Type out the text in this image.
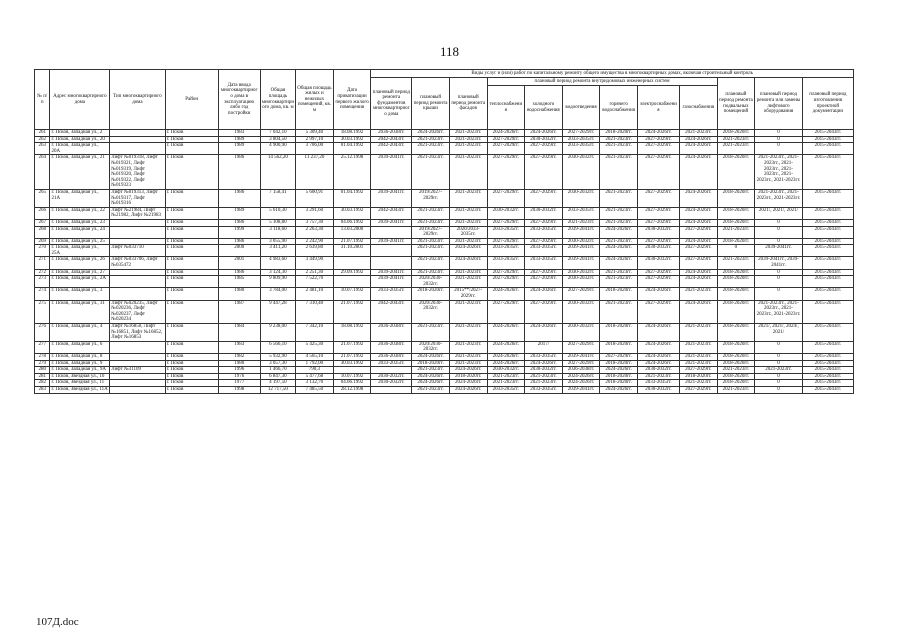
118
№ п/п	Адрес многоквартирного дома	Тип многоквартирного дома	Район	Дата ввода многоквартирного дома в эксплуатацию либо год постройки	Общая площадь многоквартирного дома, кв. м	Общая площадь жилых и нежилых помещений, кв. м	Дата приватизации первого жилого помещения	Виды услуг и (или) работ по капитальному ремонту общего имущества в многоквартирных домах, включая строительный контроль											
								плановый период ремонта фундаментов многоквартирного дома	плановый период ремонта крыши	плановый период ремонта фасадов	плановый период ремонта внутридомовых инженерных систем						плановый период ремонта подвальных помещений	плановый период ремонта или замены лифтового оборудования	плановый период изготовления проектной документации
											теплоснабжения	холодного водоснабжения	водоотведения	горячего водоснабжения	электроснабжения	газоснабжения			
261	г. Псков, Западная ул., 2		г. Псков	1983	7 042,10	5 309,40	18.08.1992	2036-2038гг.	2024-2026гг.	2021-2023гг.	2024-2026гг.	2024-2026гг.	2027-2029гг.	2018-2020гг.	2024-2026гг.	2021-2023гг.	2018-2020гг.	0	2015-2043гг.
262	г. Псков, Западная ул., 20		г. Псков	1989	3 804,50	2 997,10	30.03.1992	2042-2043гг.	2021-2023гг.	2021-2023гг.	2027-2029гг.	2030-2032гг.	2033-2035гг.	2021-2023гг.	2027-2029гг.	2024-2026гг.	2021-2023гг.	0	2015-2043гг.
263	г. Псков, Западная ул., 20А		г. Псков	1989	4 900,90	3 706,00	01.04.1992	2042-2043гг.	2021-2023гг.	2021-2023гг.	2027-2029гг.	2027-2029гг.	2033-2035гг.	2021-2023гг.	2027-2029гг.	2024-2026гг.	2021-2023гг.	0	2015-2043гг.
264	г. Псков, Западная ул., 21	Лифт №019318, Лифт №019321, Лифт №019319, Лифт №019320, Лифт №019322, Лифт №019323	г. Псков	1986	14 562,20	11 237,20	25.12.1998	2039-2041гг.	2021-2023гг.	2021-2023гг.	2027-2029гг.	2027-2029гг.	2030-2032гг.	2021-2023гг.	2027-2029гг.	2024-2026гг.	2018-2020гг.	2021-2023гг., 2021-2023гг., 2021-2023гг., 2021-2023гг., 2021-2023гг., 2021-2023гг.	2015-2043гг.
265	г. Псков, Западная ул., 21А	Лифт №019313, Лифт №019317, Лифт №019316	г. Псков	1986	7 158,41	5 600,91	01.04.1992	2039-2041гг.	2019/2027-2029гг.	2021-2023гг.	2027-2029гг.	2027-2029гг.	2030-2032гг.	2021-2023гг.	2027-2029гг.	2024-2026гг.	2018-2020гг.	2021-2023гг., 2021-2023гг., 2021-2023гг.	2015-2043гг.
266	г. Псков, Западная ул., 22	Лифт №21984, Лифт №21982, Лифт №21983	г. Псков	1989	5 610,30	3 291,60	30.03.1992	2042-2043гг.	2021-2023гг.	2021-2023гг.	2030-2032гг.	2030-2032гг.	2033-2035гг.	2021-2023гг.	2027-2029гг.	2024-2026гг.	2018-2020гг.	2021/, 2021/, 2021/	2015-2043гг.
267	г. Псков, Западная ул., 23		г. Псков	1986	5 108,80	3 757,30	04.06.1992	2039-2041гг.	2021-2023гг.	2021-2023гг.	2027-2029гг.	2027-2029гг.	2021-2023гг.	2021-2023гг.	2027-2029гг.	2024-2026гг.	2018-2020гг.	0	2015-2043гг.
268	г. Псков, Западная ул., 24		г. Псков	1999	3 118,60	2 263,30	13.03.2000		2019/2027-2029гг.	2020/2033-2035гг.	2033-2035гг.	2033-2035гг.	2039-2041гг.	2024-2026гг.	2030-2032гг.	2027-2029гг.	2021-2023гг.	0	2015-2043гг.
269	г. Псков, Западная ул., 25		г. Псков	1986	3 055,90	2 242,90	21.07.1992	2039-2041гг.	2021-2023гг.	2021-2023гг.	2027-2029гг.	2027-2029гг.	2030-2032гг.	2021-2023гг.	2027-2029гг.	2024-2026гг.	2018-2020гг.	0	2015-2043гг.
270	г. Псков, Западная ул., 25А	Лифт №033710	г. Псков	2000	3 411,20	2 639,80	31.10.2001		2021-2023гг.	2024-2026гг.	2033-2035гг.	2033-2035гг.	2039-2041гг.	2024-2026гг.	2030-2032гг.	2027-2029гг.	0	2039-2041гг.	2015-2043гг.
271	г. Псков, Западная ул., 26	Лифт №033706, Лифт №035472	г. Псков	2001	4 983,60	3 449,90			2021-2023гг.	2024-2026гг.	2033-2035гг.	2033-2035гг.	2039-2041гг.	2024-2026гг.	2030-2032гг.	2027-2029гг.	2021-2023гг.	2039-2041гг., 2039-2041гг.	2015-2043гг.
272	г. Псков, Западная ул., 27		г. Псков	1986	3 124,30	2 251,30	29.09.1992	2039-2041гг.	2021-2023гг.	2021-2023гг.	2027-2029гг.	2027-2029гг.	2030-2032гг.	2021-2023гг.	2027-2029гг.	2024-2026гг.	2018-2020гг.	0	2015-2043гг.
273	г. Псков, Западная ул., 2А		г. Псков	1985	9 809,90	7 522,70		2039-2041гг.	2020/2030-2032гг.	2021-2023гг.	2027-2029гг.	2027-2029гг.	2030-2032гг.	2021-2023гг.	2027-2029гг.	2024-2026гг.	2018-2020гг.	0	2015-2043гг.
274	г. Псков, Западная ул., 3		г. Псков	1980	3 784,00	2 481,10	10.07.1992	2033-2035гг.	2018-2020гг.	2015**/2027-2029гг.	2024-2026гг.	2024-2026гг.	2027-2029гг.	2018-2020гг.	2024-2026гг.	2021-2023гг.	2018-2020гг.	0	2015-2043гг.
275	г. Псков, Западная ул., 31	Лифт №020235, Лифт №020236, Лифт №020237, Лифт №020234	г. Псков	1987	9 447,28	7 310,40	21.07.1992	2042-2043гг.	2020/2030-2032гг.	2021-2023гг.	2027-2029гг.	2027-2029гг.	2030-2032гг.	2021-2023гг.	2027-2029гг.	2024-2026гг.	2018-2020гг.	2021-2023гг., 2021-2023гг., 2021-2023гг., 2021-2023гг.	2015-2043гг.
276	г. Псков, Западная ул., 4	Лифт №16850, Лифт №16851, Лифт №16852, Лифт №16853	г. Псков	1984	9 238,00	7 342,10	18.08.1992	2036-2038гг.	2021-2023гг.	2021-2023гг.	2024-2026гг.	2024-2026гг.	2030-2032гг.	2018-2020гг.	2024-2026гг.	2021-2023гг.	2018-2020гг.	2021/, 2021/, 2024/, 2021/	2015-2043гг.
277	г. Псков, Западная ул., 6		г. Псков	1983	6 566,10	5 425,30	21.07.1992	2036-2038гг.	2020/2030-2032гг.	2021-2023гг.	2024-2026гг.	2017/	2027-2029гг.	2018-2020гг.	2024-2026гг.	2021-2023гг.	2018-2020гг.	0	2015-2043гг.
278	г. Псков, Западная ул., 8		г. Псков	1982	5 932,90	4 565,10	21.07.1992	2036-2038гг.	2024-2026гг.	2021-2023гг.	2024-2026гг.	2033-2035гг.	2039-2041гг.	2027-2029гг.	2024-2026гг.	2021-2023гг.	2018-2020гг.	0	2015-2043гг.
279	г. Псков, Западная ул., 9		г. Псков	1980	3 057,30	1 792,00	30.03.1992	2033-2035гг.	2018-2020гг.	2021-2023гг.	2024-2026гг.	2024-2026гг.	2027-2029гг.	2018-2020гг.	2024-2026гг.	2021-2023гг.	2018-2020гг.	0	2015-2043гг.
280	г. Псков, Западная ул., 9А	Лифт №31109	г. Псков	1996	1 466,70	790,3			2021-2023гг.	2024-2026гг.	2030-2032гг.	2030-2032гг.	2036-2038гг.	2024-2026гг.	2030-2032гг.	2027-2029гг.	2021-2023гг.	2021-2023гг.	2015-2043гг.
281	г. Псков, Звездная ул., 10		г. Псков	1976	6 847,30	5 477,68	10.07.1992	2030-2032гг.	2024-2026гг.	2018-2020гг.	2021-2023гг.	2021-2023гг.	2024-2026гг.	2018-2020гг.	2021-2023гг.	2018-2020гг.	2018-2020гг.	0	2015-2043гг.
282	г. Псков, Звездная ул., 11		г. Псков	1977	4 197,50	3 132,70	04.06.1992	2030-2032гг.	2024-2026гг.	2024-2026гг.	2021-2023гг.	2021-2023гг.	2024-2026гг.	2018-2020гг.	2033-2035гг.	2021-2023гг.	2018-2020гг.	0	2015-2043гг.
283	г. Псков, Звездная ул., 11А		г. Псков	1998	12 717,50	7 485,50	28.12.1998		2021-2023гг.	2024-2026гг.	2033-2035гг.	2033-2035гг.	2039-2041гг.	2024-2026гг.	2030-2032гг.	2027-2029гг.	2021-2023гг.	0	2015-2043гг.
107Д.doc
